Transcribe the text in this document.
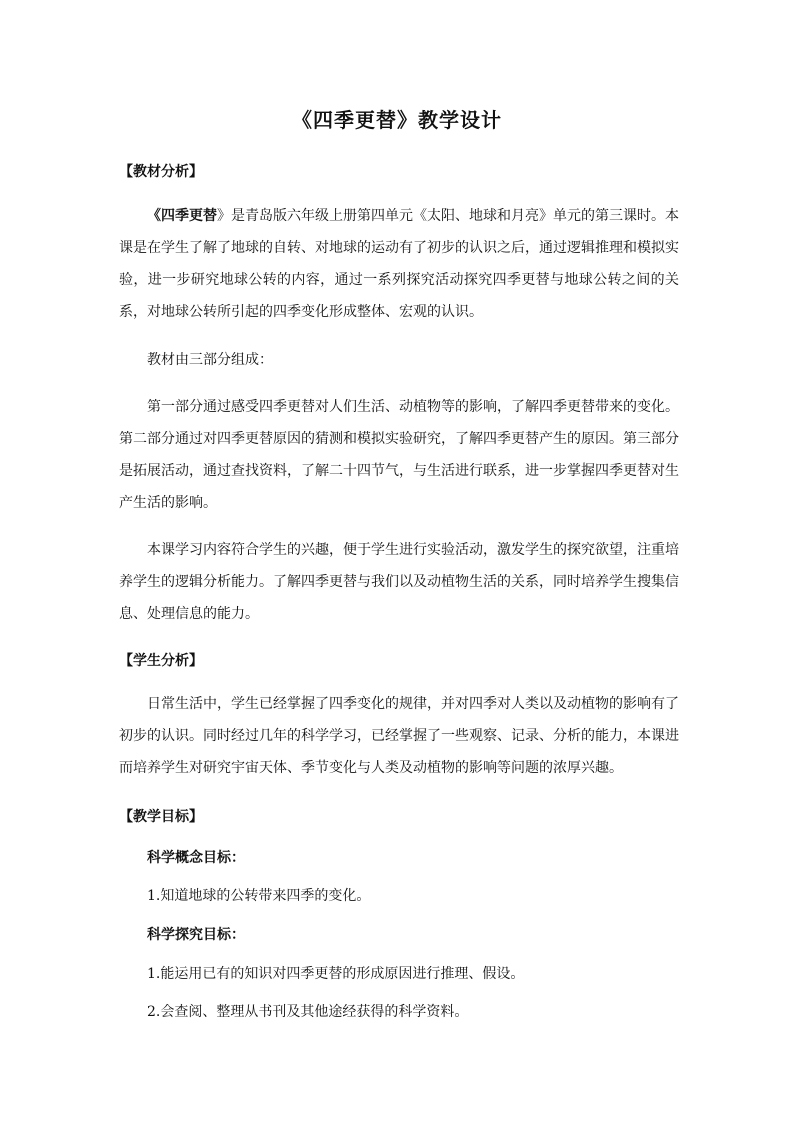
《四季更替》教学设计
【教材分析】

《四季更替》是青岛版六年级上册第四单元《太阳、地球和月亮》单元的第三课时。本课是在学生了解了地球的自转、对地球的运动有了初步的认识之后，通过逻辑推理和模拟实验，进一步研究地球公转的内容，通过一系列探究活动探究四季更替与地球公转之间的关系，对地球公转所引起的四季变化形成整体、宏观的认识。

教材由三部分组成：

第一部分通过感受四季更替对人们生活、动植物等的影响，了解四季更替带来的变化。第二部分通过对四季更替原因的猜测和模拟实验研究，了解四季更替产生的原因。第三部分是拓展活动，通过查找资料，了解二十四节气，与生活进行联系，进一步掌握四季更替对生产生活的影响。

本课学习内容符合学生的兴趣，便于学生进行实验活动，激发学生的探究欲望，注重培养学生的逻辑分析能力。了解四季更替与我们以及动植物生活的关系，同时培养学生搜集信息、处理信息的能力。

【学生分析】

日常生活中，学生已经掌握了四季变化的规律，并对四季对人类以及动植物的影响有了初步的认识。同时经过几年的科学学习，已经掌握了一些观察、记录、分析的能力，本课进而培养学生对研究宇宙天体、季节变化与人类及动植物的影响等问题的浓厚兴趣。

【教学目标】
科学概念目标：
1.知道地球的公转带来四季的变化。
科学探究目标：
1.能运用已有的知识对四季更替的形成原因进行推理、假设。
2.会查阅、整理从书刊及其他途经获得的科学资料。
